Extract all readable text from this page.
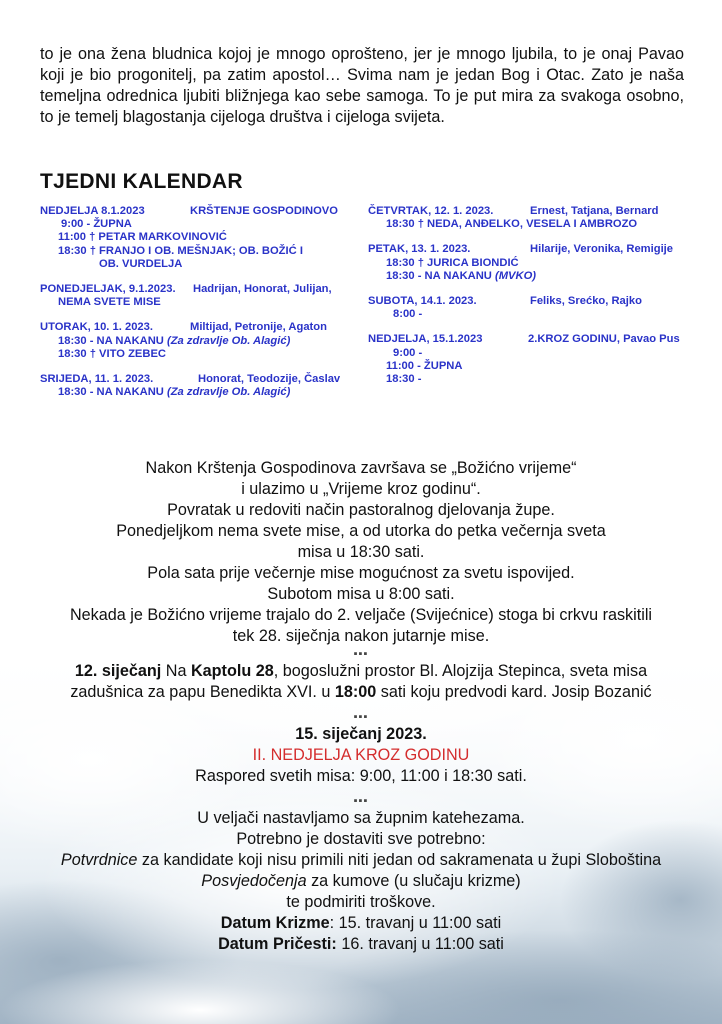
to je ona žena bludnica kojoj je mnogo oprošteno, jer je mnogo ljubila, to je onaj Pavao koji je bio progonitelj, pa zatim apostol… Svima nam je jedan Bog i Otac. Zato je naša temeljna odrednica ljubiti bližnjega kao sebe samoga. To je put mira za svakoga osobno, to je temelj blagostanja cijeloga društva i cijeloga svijeta.

TJEDNI KALENDAR
NEDJELJA 8.1.2023	KRŠTENJE GOSPODINOVO
9:00 - ŽUPNA
11:00 † PETAR MARKOVINOVIĆ
18:30 † FRANJO I OB. MEŠNJAK; OB. BOŽIĆ I
OB. VURDELJA
PONEDJELJAK, 9.1.2023. Hadrijan, Honorat, Julijan,
NEMA SVETE MISE
UTORAK, 10. 1. 2023.	Miltijad, Petronije, Agaton
18:30 - NA NAKANU (Za zdravlje Ob. Alagić)
18:30 † VITO ZEBEC
SRIJEDA, 11. 1. 2023.	Honorat, Teodozije, Časlav
18:30 - NA NAKANU (Za zdravlje Ob. Alagić)
ČETVRTAK, 12. 1. 2023.	Ernest, Tatjana, Bernard
18:30 † NEDA, ANĐELKO, VESELA I AMBROZO
PETAK, 13. 1. 2023.	Hilarije, Veronika, Remigije
18:30 † JURICA BIONDIĆ
18:30 - NA NAKANU (MVKO)
SUBOTA, 14.1. 2023.	Feliks, Srećko, Rajko
8:00 -
NEDJELJA, 15.1.2023	2.KROZ GODINU, Pavao Pus
9:00 -
11:00 - ŽUPNA
18:30 -
Nakon Krštenja Gospodinova završava se „Božićno vrijeme“
i ulazimo u „Vrijeme kroz godinu“.
Povratak u redoviti način pastoralnog djelovanja župe.
Ponedjeljkom nema svete mise, a od utorka do petka večernja sveta
misa u 18:30 sati.
Pola sata prije večernje mise mogućnost za svetu ispovijed.
Subotom misa u 8:00 sati.
Nekada je Božićno vrijeme trajalo do 2. veljače (Svijećnice) stoga bi crkvu raskitili
tek 28. siječnja nakon jutarnje mise.
▪▪▪
12. siječanj Na Kaptolu 28, bogoslužni prostor Bl. Alojzija Stepinca, sveta misa
zadušnica za papu Benedikta XVI. u 18:00 sati koju predvodi kard. Josip Bozanić
▪▪▪
15. siječanj 2023.
II. NEDJELJA KROZ GODINU
Raspored svetih misa: 9:00, 11:00 i 18:30 sati.
▪▪▪
U veljači nastavljamo sa župnim katehezama.
Potrebno je dostaviti sve potrebno:
Potvrdnice za kandidate koji nisu primili niti jedan od sakramenata u župi Sloboština
Posvjedočenja za kumove (u slučaju krizme)
te podmiriti troškove.
Datum Krizme: 15. travanj u 11:00 sati
Datum Pričesti: 16. travanj u 11:00 sati
